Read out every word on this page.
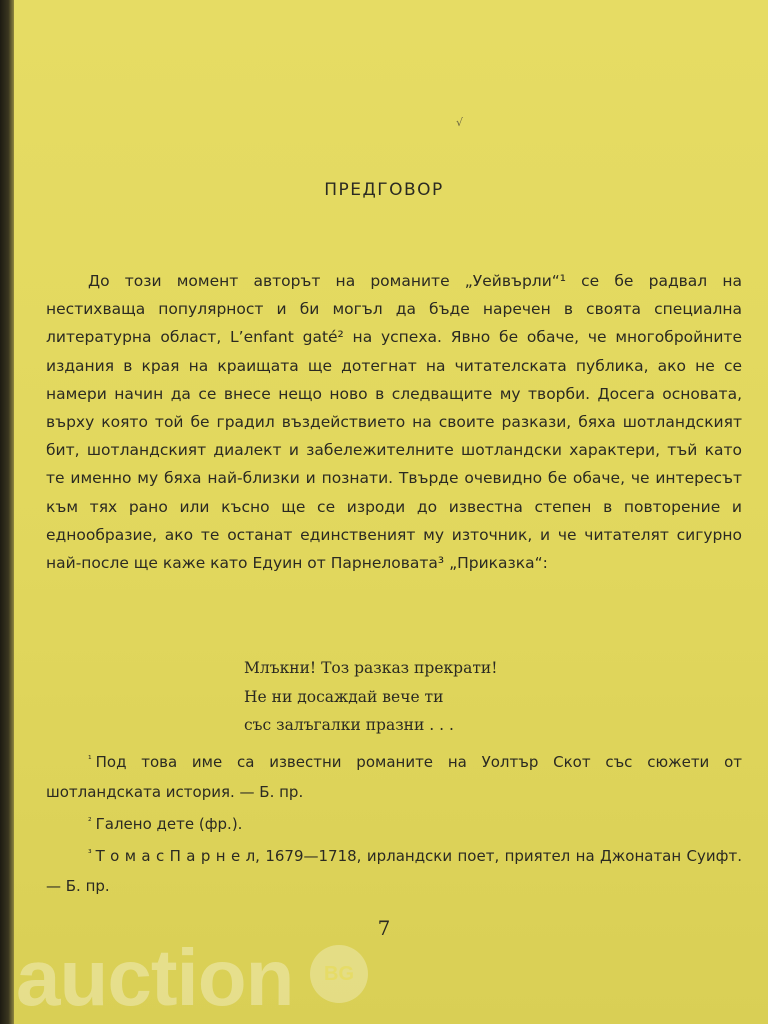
√
ПРЕДГОВОР

До този момент авторът на романите „Уейвърли“¹ се бе радвал на нестихваща популярност и би могъл да бъде наречен в своята специална литературна област, L’enfant gaté² на успеха. Явно бе обаче, че многобройните издания в края на краищата ще дотегнат на читателската публика, ако не се намери начин да се внесе нещо ново в следващите му творби. Досега основата, върху която той бе градил въздействието на своите разкази, бяха шотландският бит, шотландският диалект и забележителните шотландски характери, тъй като те именно му бяха най-близки и познати. Твърде очевидно бе обаче, че интересът към тях рано или късно ще се изроди до известна степен в повторение и еднообразие, ако те останат единственият му източник, и че читателят сигурно най-после ще каже като Едуин от Парнеловата³ „Приказка“:

Млъкни! Тоз разказ прекрати!
Не ни досаждай вече ти
със залъгалки празни . . .

$^{^1}$ Под това име са известни романите на Уолтър Скот със сюжети от шотландската история. — Б. пр.

$^{^2}$ Галено дете (фр.).

$^{^3}$ Т о м а с П а р н е л, 1679—1718, ирландски поет, приятел на Джонатан Суифт. — Б. пр.

7
auction	BG
